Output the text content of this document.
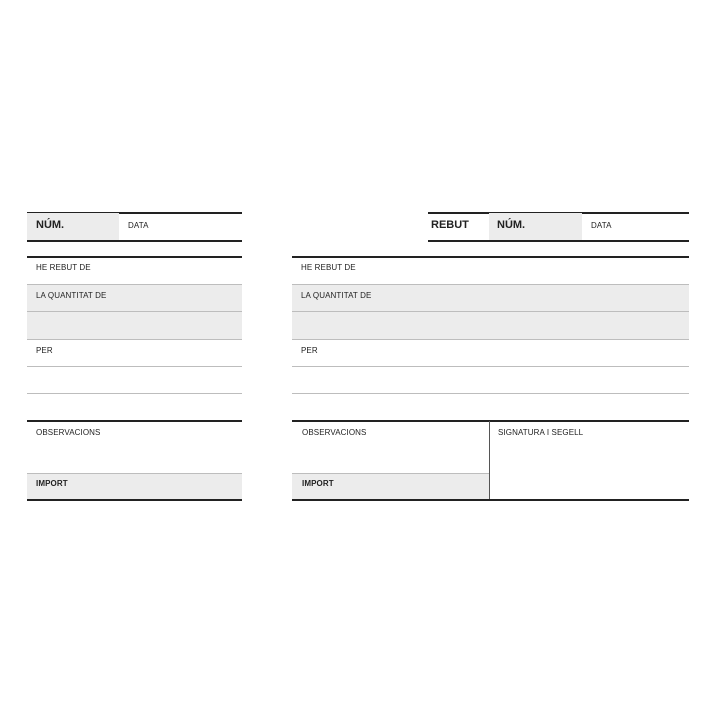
NÚM.	DATA
HE REBUT DE
LA QUANTITAT DE
PER
OBSERVACIONS
IMPORT
REBUT	NÚM.	DATA
HE REBUT DE
LA QUANTITAT DE
PER
OBSERVACIONS
IMPORT
SIGNATURA I SEGELL
